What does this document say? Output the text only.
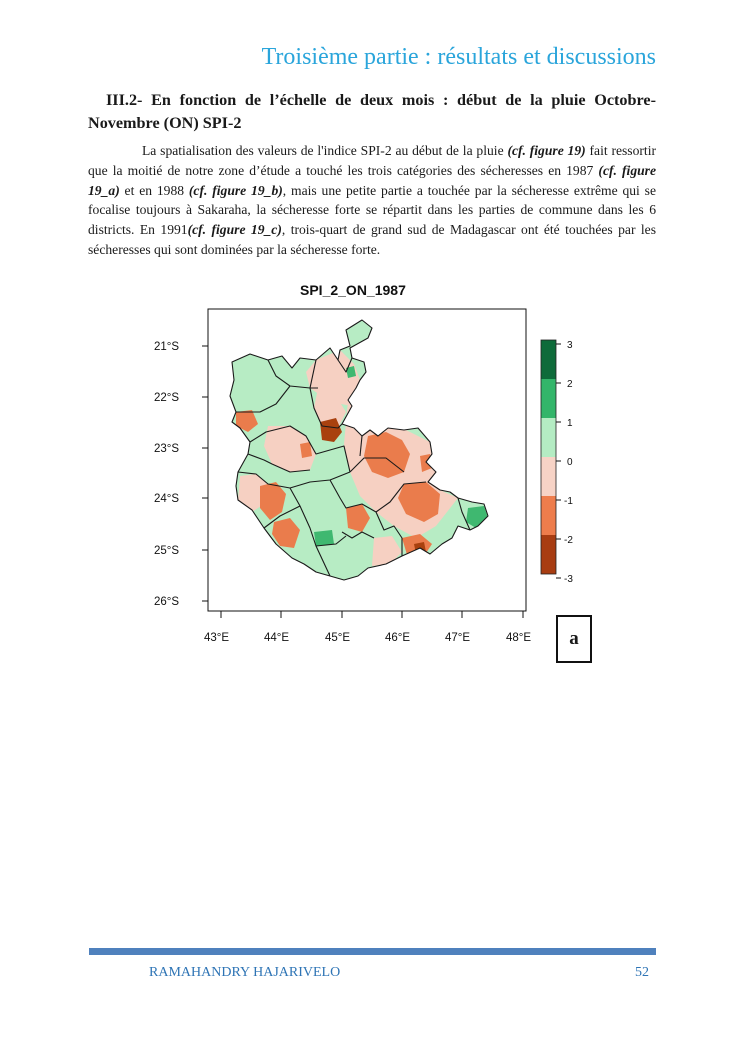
Troisième partie : résultats et discussions
III.2- En fonction de l’échelle de deux mois : début de la pluie Octobre-Novembre (ON) SPI-2
La spatialisation des valeurs de l'indice SPI-2 au début de la pluie (cf. figure 19) fait ressortir que la moitié de notre zone d’étude a touché les trois catégories des sécheresses en 1987 (cf. figure 19_a) et en 1988 (cf. figure 19_b), mais une petite partie a touchée par la sécheresse extrême qui se focalise toujours à Sakaraha, la sécheresse forte se répartit dans les parties de commune dans les 6 districts. En 1991(cf. figure 19_c), trois-quart de grand sud de Madagascar ont été touchées par les sécheresses qui sont dominées par la sécheresse forte.
SPI_2_ON_1987
21°S
22°S
23°S
24°S
25°S
26°S
43°E	44°E	45°E	46°E	47°E	48°E
3
2
1
0
-1
-2
-3
a
RAMAHANDRY HAJARIVELO	52
